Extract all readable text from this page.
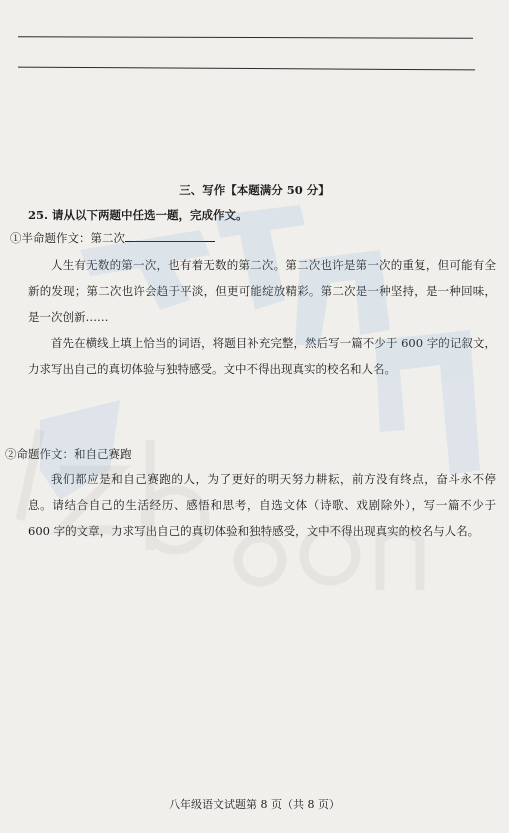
三、写作【本题满分 50 分】
25. 请从以下两题中任选一题，完成作文。
①半命题作文：第二次
人生有无数的第一次，也有着无数的第二次。第二次也许是第一次的重复，但可能有全新的发现；第二次也许会趋于平淡，但更可能绽放精彩。第二次是一种坚持，是一种回味，是一次创新……
首先在横线上填上恰当的词语，将题目补充完整，然后写一篇不少于 600 字的记叙文，力求写出自己的真切体验与独特感受。文中不得出现真实的校名和人名。
②命题作文：和自己赛跑
我们都应是和自己赛跑的人，为了更好的明天努力耕耘，前方没有终点，奋斗永不停息。请结合自己的生活经历、感悟和思考，自选文体（诗歌、戏剧除外），写一篇不少于 600 字的文章，力求写出自己的真切体验和独特感受，文中不得出现真实的校名与人名。
八年级语文试题第 8 页（共 8 页）
